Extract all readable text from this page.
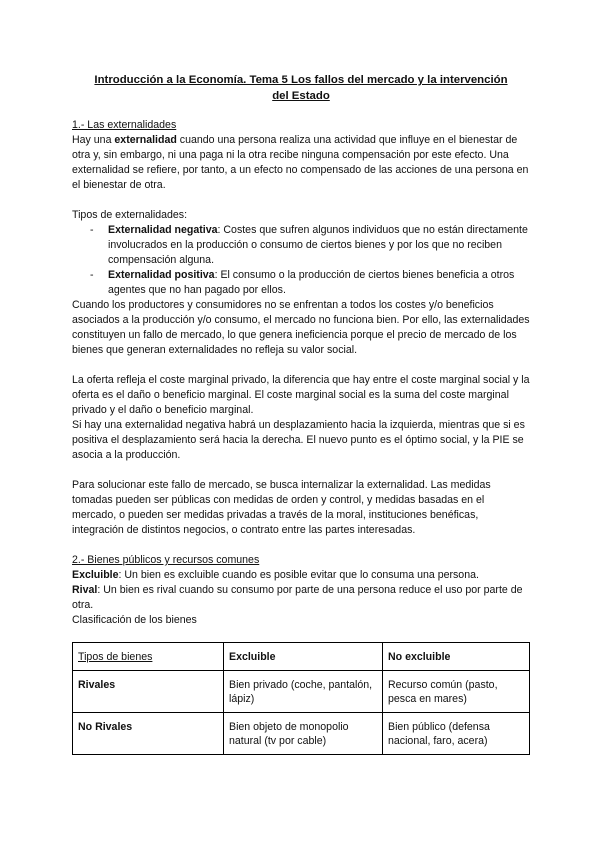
Introducción a la Economía. Tema 5 Los fallos del mercado y la intervención
del Estado

1.- Las externalidades

Hay una externalidad cuando una persona realiza una actividad que influye en el bienestar de otra y, sin embargo, ni una paga ni la otra recibe ninguna compensación por este efecto. Una externalidad se refiere, por tanto, a un efecto no compensado de las acciones de una persona en el bienestar de otra.

Tipos de externalidades:

- Externalidad negativa: Costes que sufren algunos individuos que no están directamente involucrados en la producción o consumo de ciertos bienes y por los que no reciben compensación alguna.
- Externalidad positiva: El consumo o la producción de ciertos bienes beneficia a otros agentes que no han pagado por ellos.

Cuando los productores y consumidores no se enfrentan a todos los costes y/o beneficios asociados a la producción y/o consumo, el mercado no funciona bien. Por ello, las externalidades constituyen un fallo de mercado, lo que genera ineficiencia porque el precio de mercado de los bienes que generan externalidades no refleja su valor social.

La oferta refleja el coste marginal privado, la diferencia que hay entre el coste marginal social y la oferta es el daño o beneficio marginal. El coste marginal social es la suma del coste marginal privado y el daño o beneficio marginal.

Si hay una externalidad negativa habrá un desplazamiento hacia la izquierda, mientras que si es positiva el desplazamiento será hacia la derecha. El nuevo punto es el óptimo social, y la PIE se asocia a la producción.

Para solucionar este fallo de mercado, se busca internalizar la externalidad. Las medidas tomadas pueden ser públicas con medidas de orden y control, y medidas basadas en el mercado, o pueden ser medidas privadas a través de la moral, instituciones benéficas, integración de distintos negocios, o contrato entre las partes interesadas.

2.- Bienes públicos y recursos comunes

Excluible: Un bien es excluible cuando es posible evitar que lo consuma una persona.

Rival: Un bien es rival cuando su consumo por parte de una persona reduce el uso por parte de otra.

Clasificación de los bienes

Tipos de bienes	Excluible	No excluible
Rivales	Bien privado (coche, pantalón, lápiz)	Recurso común (pasto, pesca en mares)
No Rivales	Bien objeto de monopolio natural (tv por cable)	Bien público (defensa nacional, faro, acera)
